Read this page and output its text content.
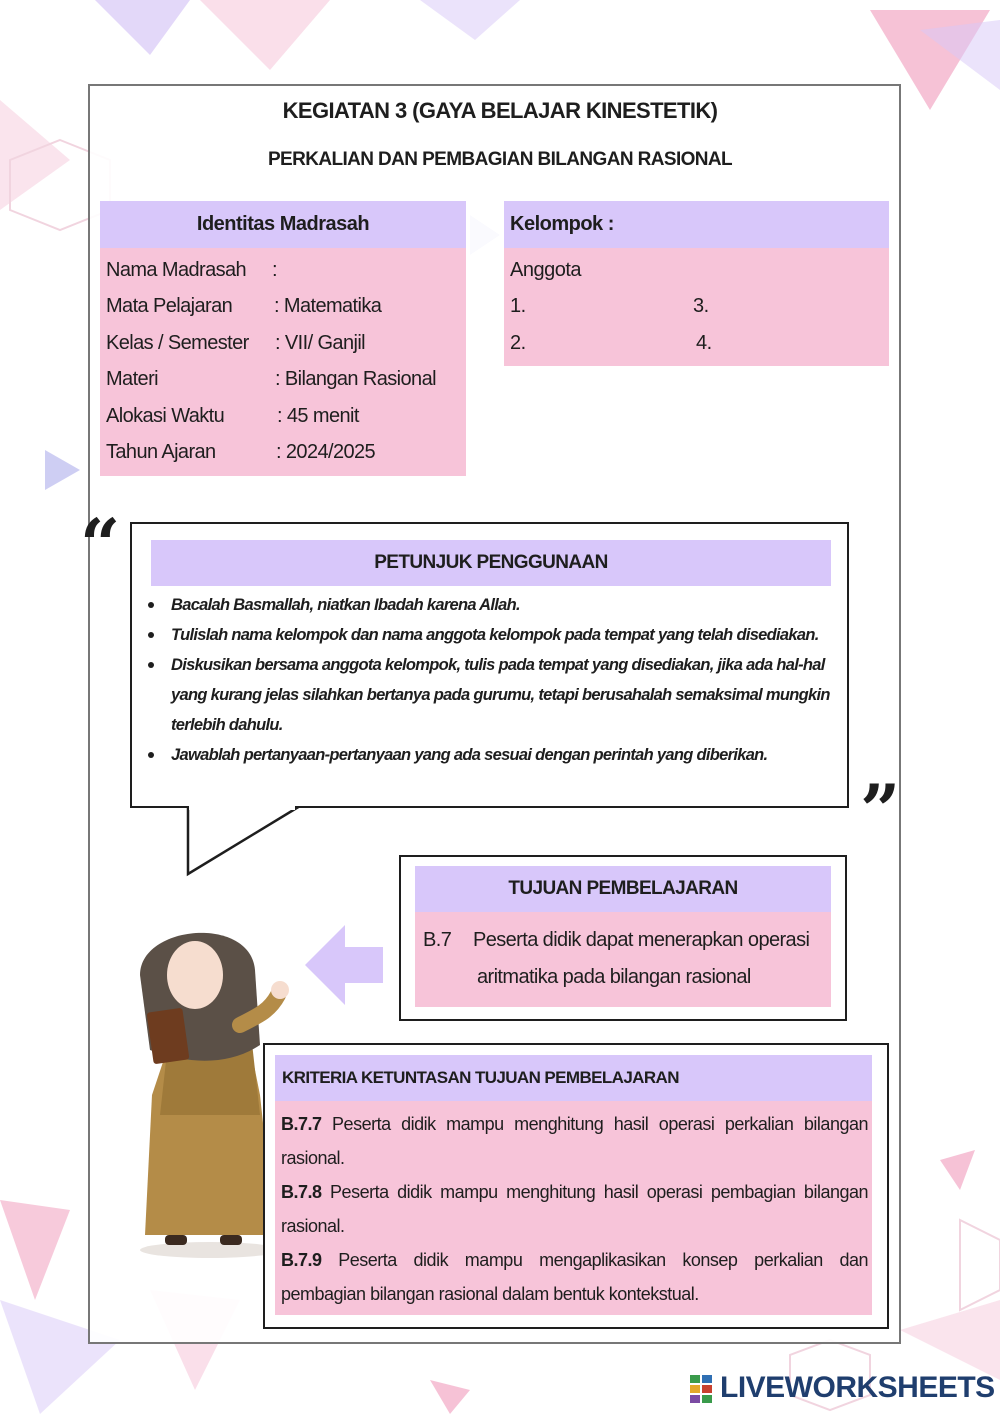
KEGIATAN 3 (GAYA BELAJAR KINESTETIK)
PERKALIAN DAN PEMBAGIAN BILANGAN RASIONAL
Identitas Madrasah
Nama Madrasah :
Mata Pelajaran : Matematika
Kelas / Semester : VII/ Ganjil
Materi	: Bilangan Rasional
Alokasi Waktu	: 45 menit
Tahun Ajaran	: 2024/2025
Kelompok :
Anggota
1.	3.
2.	4.
“
”
PETUNJUK PENGGUNAAN
Bacalah Basmallah, niatkan Ibadah karena Allah.
Tulislah nama kelompok dan nama anggota kelompok pada tempat yang telah disediakan.
Diskusikan bersama anggota kelompok, tulis pada tempat yang disediakan, jika ada hal-hal yang kurang jelas silahkan bertanya pada gurumu, tetapi berusahalah semaksimal mungkin terlebih dahulu.
Jawablah pertanyaan-pertanyaan yang ada sesuai dengan perintah yang diberikan.
TUJUAN PEMBELAJARAN
B.7 Peserta didik dapat menerapkan operasi
aritmatika pada bilangan rasional
KRITERIA KETUNTASAN TUJUAN PEMBELAJARAN
B.7.7 Peserta didik mampu menghitung hasil operasi perkalian bilangan rasional.
B.7.8 Peserta didik mampu menghitung hasil operasi pembagian bilangan rasional.
B.7.9 Peserta didik mampu mengaplikasikan konsep perkalian dan pembagian bilangan rasional dalam bentuk kontekstual.
LIVEWORKSHEETS
